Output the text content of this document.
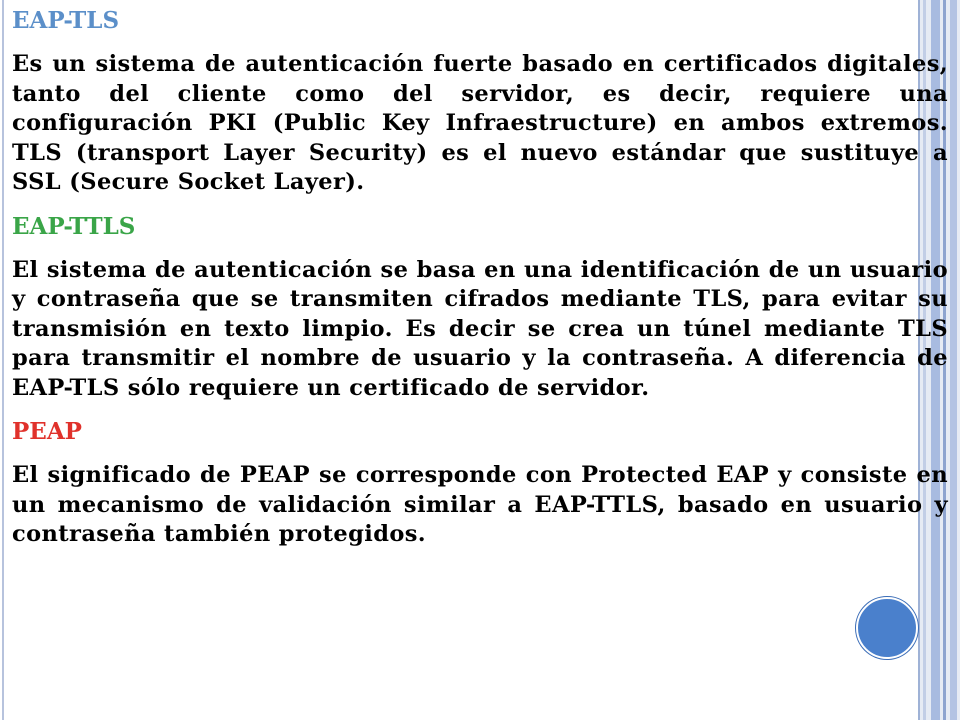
EAP-TLS

Es un sistema de autenticación fuerte basado en certificados digitales, tanto del cliente como del servidor, es decir, requiere una configuración PKI (Public Key Infraestructure) en ambos extremos. TLS (transport Layer Security) es el nuevo estándar que sustituye a SSL (Secure Socket Layer).

EAP-TTLS

El sistema de autenticación se basa en una identificación de un usuario y contraseña que se transmiten cifrados mediante TLS, para evitar su transmisión en texto limpio. Es decir se crea un túnel mediante TLS para transmitir el nombre de usuario y la contraseña. A diferencia de EAP-TLS sólo requiere un certificado de servidor.

PEAP

El significado de PEAP se corresponde con Protected EAP y consiste en un mecanismo de validación similar a EAP-TTLS, basado en usuario y contraseña también protegidos.
